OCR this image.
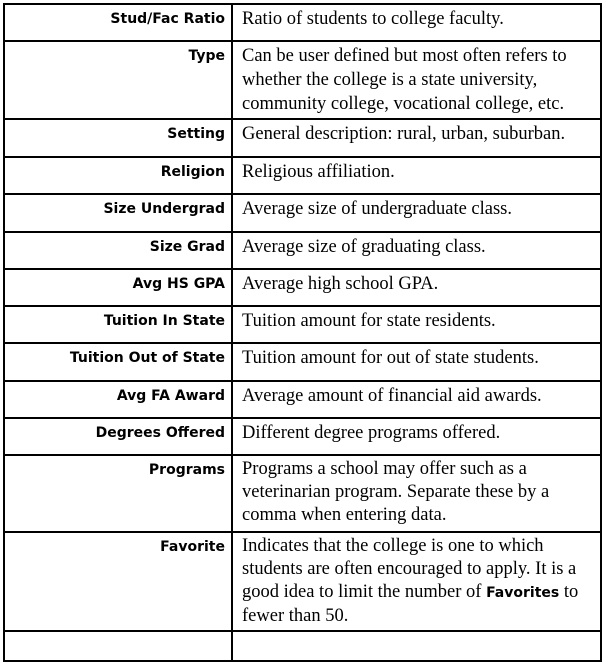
Stud/Fac Ratio	Ratio of students to college faculty.
Type	Can be user defined but most often refers to whether the college is a state university, community college, vocational college, etc.
Setting	General description: rural, urban, suburban.
Religion	Religious affiliation.
Size Undergrad	Average size of undergraduate class.
Size Grad	Average size of graduating class.
Avg HS GPA	Average high school GPA.
Tuition In State	Tuition amount for state residents.
Tuition Out of State	Tuition amount for out of state students.
Avg FA Award	Average amount of financial aid awards.
Degrees Offered	Different degree programs offered.
Programs	Programs a school may offer such as a veterinarian program. Separate these by a comma when entering data.
Favorite	Indicates that the college is one to which students are often encouraged to apply. It is a good idea to limit the number of Favorites to fewer than 50.
